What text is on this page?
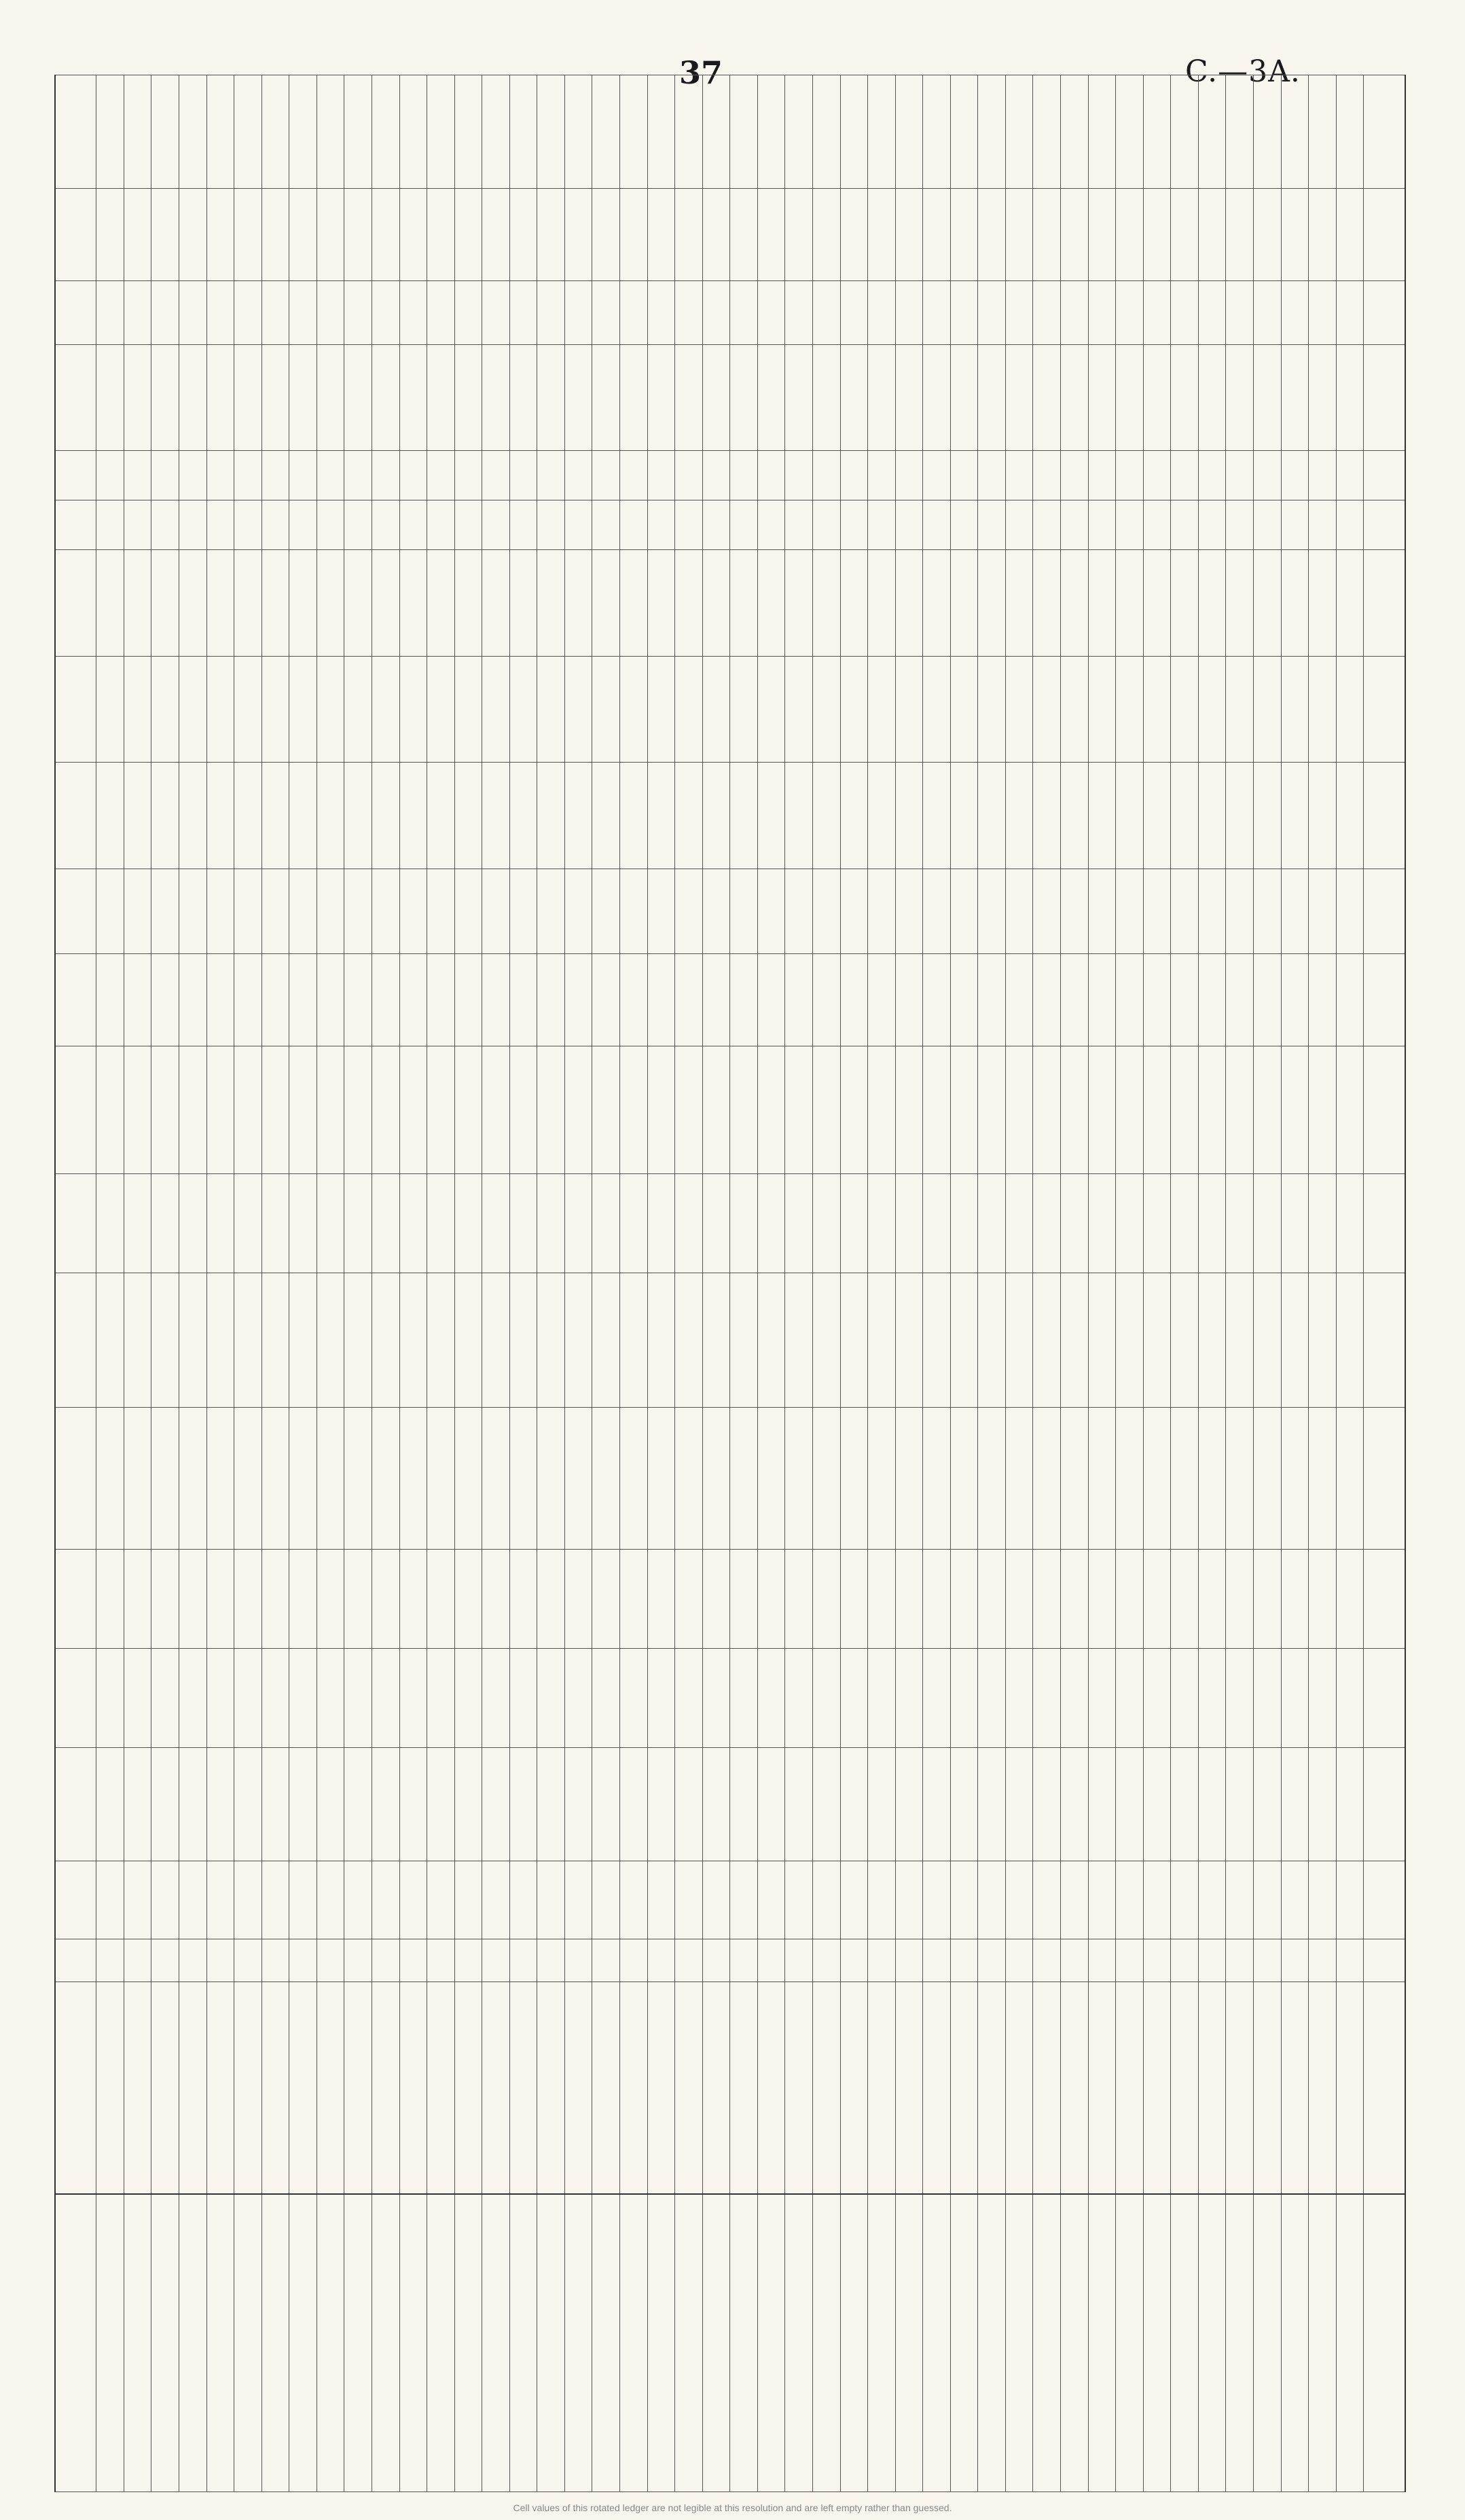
37	C.—3A.

Cell values of this rotated ledger are not legible at this resolution and are left empty rather than guessed.
